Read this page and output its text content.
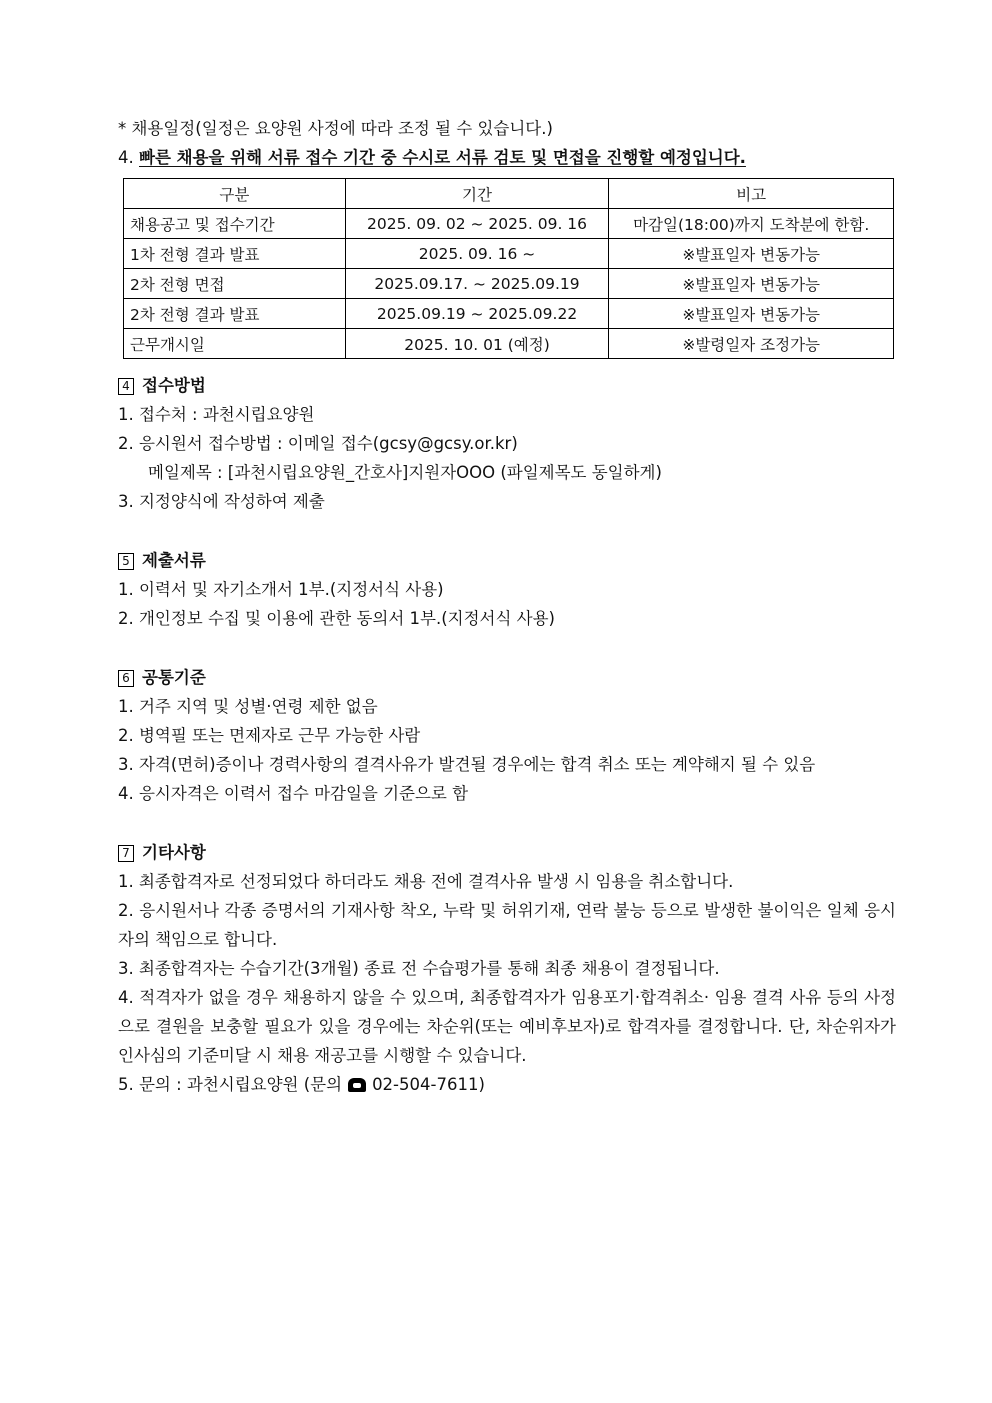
* 채용일정(일정은 요양원 사정에 따라 조정 될 수 있습니다.)
4. 빠른 채용을 위해 서류 접수 기간 중 수시로 서류 검토 및 면접을 진행할 예정입니다.
구분	기간	비고
채용공고 및 접수기간	2025. 09. 02 ~ 2025. 09. 16	마감일(18:00)까지 도착분에 한함.
1차 전형 결과 발표	2025. 09. 16 ~	※발표일자 변동가능
2차 전형 면접	2025.09.17. ~ 2025.09.19	※발표일자 변동가능
2차 전형 결과 발표	2025.09.19 ~ 2025.09.22	※발표일자 변동가능
근무개시일	2025. 10. 01 (예정)	※발령일자 조정가능
4 접수방법
1. 접수처 : 과천시립요양원
2. 응시원서 접수방법 : 이메일 접수(gcsy@gcsy.or.kr)
메일제목 : [과천시립요양원_간호사]지원자OOO (파일제목도 동일하게)
3. 지정양식에 작성하여 제출
5 제출서류
1. 이력서 및 자기소개서 1부.(지정서식 사용)
2. 개인정보 수집 및 이용에 관한 동의서 1부.(지정서식 사용)
6 공통기준
1. 거주 지역 및 성별·연령 제한 없음
2. 병역필 또는 면제자로 근무 가능한 사람
3. 자격(면허)증이나 경력사항의 결격사유가 발견될 경우에는 합격 취소 또는 계약해지 될 수 있음
4. 응시자격은 이력서 접수 마감일을 기준으로 함
7 기타사항
1. 최종합격자로 선정되었다 하더라도 채용 전에 결격사유 발생 시 임용을 취소합니다.
2. 응시원서나 각종 증명서의 기재사항 착오, 누락 및 허위기재, 연락 불능 등으로 발생한 불이익은 일체 응시자의 책임으로 합니다.
3. 최종합격자는 수습기간(3개월) 종료 전 수습평가를 통해 최종 채용이 결정됩니다.
4. 적격자가 없을 경우 채용하지 않을 수 있으며, 최종합격자가 임용포기·합격취소· 임용 결격 사유 등의 사정으로 결원을 보충할 필요가 있을 경우에는 차순위(또는 예비후보자)로 합격자를 결정합니다. 단, 차순위자가 인사심의 기준미달 시 채용 재공고를 시행할 수 있습니다.
5. 문의 : 과천시립요양원 (문의 02-504-7611)
